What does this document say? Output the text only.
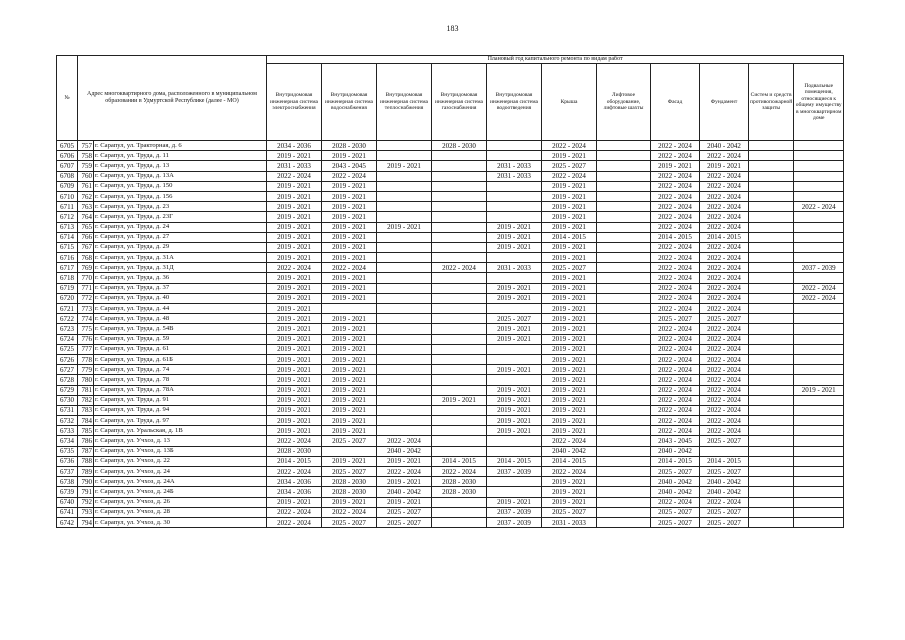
183
№	Адрес многоквартирного дома, расположенного в муниципальном образовании в Удмуртской Республике (далее - МО)		Плановый год капитального ремонта по видам работ										
			Внутридомовая инженерная система электроснабжения	Внутридомовая инженерная система водоснабжения	Внутридомовая инженерная система теплоснабжения	Внутридомовая инженерная система газоснабжения	Внутридомовая инженерная система водоотведения	Крыша	Лифтовое оборудование, лифтовые шахты	Фасад	Фундамент	Систем и средств противопожарной защиты	Подвальные помещения, относящиеся к общему имуществу в многоквартирном доме
6705	757	г. Сарапул, ул. Тракторная, д. 6	2034 - 2036	2028 - 2030		2028 - 2030		2022 - 2024		2022 - 2024	2040 - 2042		
6706	758	г. Сарапул, ул. Труда, д. 11	2019 - 2021	2019 - 2021				2019 - 2021		2022 - 2024	2022 - 2024		
6707	759	г. Сарапул, ул. Труда, д. 13	2031 - 2033	2043 - 2045	2019 - 2021		2031 - 2033	2025 - 2027		2019 - 2021	2019 - 2021		
6708	760	г. Сарапул, ул. Труда, д. 13А	2022 - 2024	2022 - 2024			2031 - 2033	2022 - 2024		2022 - 2024	2022 - 2024		
6709	761	г. Сарапул, ул. Труда, д. 150	2019 - 2021	2019 - 2021				2019 - 2021		2022 - 2024	2022 - 2024		
6710	762	г. Сарапул, ул. Труда, д. 156	2019 - 2021	2019 - 2021				2019 - 2021		2022 - 2024	2022 - 2024		
6711	763	г. Сарапул, ул. Труда, д. 23	2019 - 2021	2019 - 2021				2019 - 2021		2022 - 2024	2022 - 2024		2022 - 2024
6712	764	г. Сарапул, ул. Труда, д. 23Г	2019 - 2021	2019 - 2021				2019 - 2021		2022 - 2024	2022 - 2024		
6713	765	г. Сарапул, ул. Труда, д. 24	2019 - 2021	2019 - 2021	2019 - 2021		2019 - 2021	2019 - 2021		2022 - 2024	2022 - 2024		
6714	766	г. Сарапул, ул. Труда, д. 27	2019 - 2021	2019 - 2021			2019 - 2021	2014 - 2015		2014 - 2015	2014 - 2015		
6715	767	г. Сарапул, ул. Труда, д. 29	2019 - 2021	2019 - 2021			2019 - 2021	2019 - 2021		2022 - 2024	2022 - 2024		
6716	768	г. Сарапул, ул. Труда, д. 31А	2019 - 2021	2019 - 2021				2019 - 2021		2022 - 2024	2022 - 2024		
6717	769	г. Сарапул, ул. Труда, д. 31Д	2022 - 2024	2022 - 2024		2022 - 2024	2031 - 2033	2025 - 2027		2022 - 2024	2022 - 2024		2037 - 2039
6718	770	г. Сарапул, ул. Труда, д. 36	2019 - 2021	2019 - 2021				2019 - 2021		2022 - 2024	2022 - 2024		
6719	771	г. Сарапул, ул. Труда, д. 37	2019 - 2021	2019 - 2021			2019 - 2021	2019 - 2021		2022 - 2024	2022 - 2024		2022 - 2024
6720	772	г. Сарапул, ул. Труда, д. 40	2019 - 2021	2019 - 2021			2019 - 2021	2019 - 2021		2022 - 2024	2022 - 2024		2022 - 2024
6721	773	г. Сарапул, ул. Труда, д. 44	2019 - 2021					2019 - 2021		2022 - 2024	2022 - 2024		
6722	774	г. Сарапул, ул. Труда, д. 48	2019 - 2021	2019 - 2021			2025 - 2027	2019 - 2021		2025 - 2027	2025 - 2027		
6723	775	г. Сарапул, ул. Труда, д. 54В	2019 - 2021	2019 - 2021			2019 - 2021	2019 - 2021		2022 - 2024	2022 - 2024		
6724	776	г. Сарапул, ул. Труда, д. 59	2019 - 2021	2019 - 2021			2019 - 2021	2019 - 2021		2022 - 2024	2022 - 2024		
6725	777	г. Сарапул, ул. Труда, д. 61	2019 - 2021	2019 - 2021				2019 - 2021		2022 - 2024	2022 - 2024		
6726	778	г. Сарапул, ул. Труда, д. 61Б	2019 - 2021	2019 - 2021				2019 - 2021		2022 - 2024	2022 - 2024		
6727	779	г. Сарапул, ул. Труда, д. 74	2019 - 2021	2019 - 2021			2019 - 2021	2019 - 2021		2022 - 2024	2022 - 2024		
6728	780	г. Сарапул, ул. Труда, д. 78	2019 - 2021	2019 - 2021				2019 - 2021		2022 - 2024	2022 - 2024		
6729	781	г. Сарапул, ул. Труда, д. 78А	2019 - 2021	2019 - 2021			2019 - 2021	2019 - 2021		2022 - 2024	2022 - 2024		2019 - 2021
6730	782	г. Сарапул, ул. Труда, д. 91	2019 - 2021	2019 - 2021		2019 - 2021	2019 - 2021	2019 - 2021		2022 - 2024	2022 - 2024		
6731	783	г. Сарапул, ул. Труда, д. 94	2019 - 2021	2019 - 2021			2019 - 2021	2019 - 2021		2022 - 2024	2022 - 2024		
6732	784	г. Сарапул, ул. Труда, д. 97	2019 - 2021	2019 - 2021			2019 - 2021	2019 - 2021		2022 - 2024	2022 - 2024		
6733	785	г. Сарапул, ул. Уральская, д. 1В	2019 - 2021	2019 - 2021			2019 - 2021	2019 - 2021		2022 - 2024	2022 - 2024		
6734	786	г. Сарапул, ул. Учхоз, д. 13	2022 - 2024	2025 - 2027	2022 - 2024			2022 - 2024		2043 - 2045	2025 - 2027		
6735	787	г. Сарапул, ул. Учхоз, д. 13Б	2028 - 2030		2040 - 2042			2040 - 2042		2040 - 2042			
6736	788	г. Сарапул, ул. Учхоз, д. 22	2014 - 2015	2019 - 2021	2019 - 2021	2014 - 2015	2014 - 2015	2014 - 2015		2014 - 2015	2014 - 2015		
6737	789	г. Сарапул, ул. Учхоз, д. 24	2022 - 2024	2025 - 2027	2022 - 2024	2022 - 2024	2037 - 2039	2022 - 2024		2025 - 2027	2025 - 2027		
6738	790	г. Сарапул, ул. Учхоз, д. 24А	2034 - 2036	2028 - 2030	2019 - 2021	2028 - 2030		2019 - 2021		2040 - 2042	2040 - 2042		
6739	791	г. Сарапул, ул. Учхоз, д. 24Б	2034 - 2036	2028 - 2030	2040 - 2042	2028 - 2030		2019 - 2021		2040 - 2042	2040 - 2042		
6740	792	г. Сарапул, ул. Учхоз, д. 26	2019 - 2021	2019 - 2021	2019 - 2021		2019 - 2021	2019 - 2021		2022 - 2024	2022 - 2024		
6741	793	г. Сарапул, ул. Учхоз, д. 28	2022 - 2024	2022 - 2024	2025 - 2027		2037 - 2039	2025 - 2027		2025 - 2027	2025 - 2027		
6742	794	г. Сарапул, ул. Учхоз, д. 30	2022 - 2024	2025 - 2027	2025 - 2027		2037 - 2039	2031 - 2033		2025 - 2027	2025 - 2027		
